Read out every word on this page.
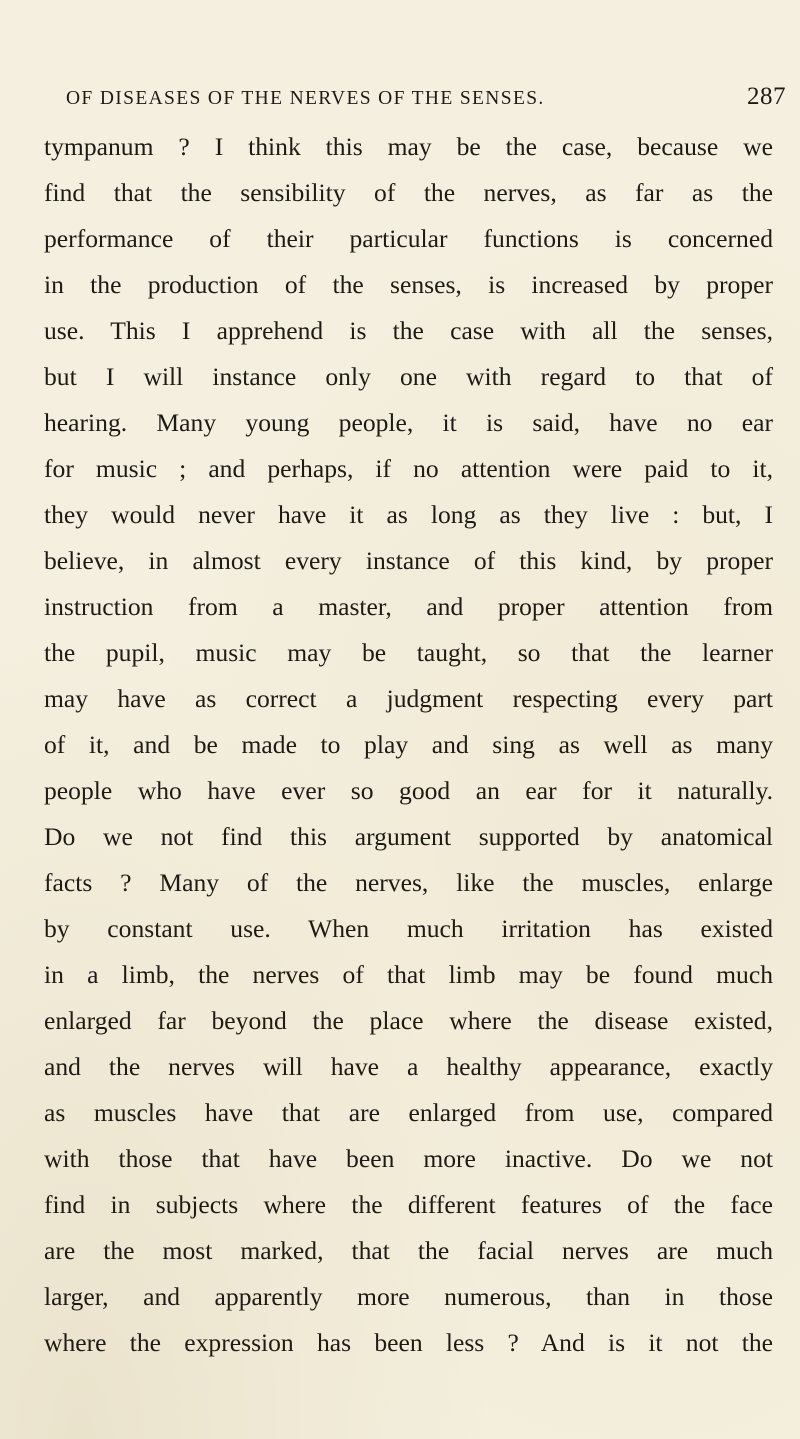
OF DISEASES OF THE NERVES OF THE SENSES.	287
tympanum ? I think this may be the case, because we
find that the sensibility of the nerves, as far as the
performance of their particular functions is concerned
in the production of the senses, is increased by proper
use. This I apprehend is the case with all the senses,
but I will instance only one with regard to that of
hearing. Many young people, it is said, have no ear
for music ; and perhaps, if no attention were paid to it,
they would never have it as long as they live : but, I
believe, in almost every instance of this kind, by proper
instruction from a master, and proper attention from
the pupil, music may be taught, so that the learner
may have as correct a judgment respecting every part
of it, and be made to play and sing as well as many
people who have ever so good an ear for it naturally.
Do we not find this argument supported by anatomical
facts ? Many of the nerves, like the muscles, enlarge
by constant use. When much irritation has existed
in a limb, the nerves of that limb may be found much
enlarged far beyond the place where the disease existed,
and the nerves will have a healthy appearance, exactly
as muscles have that are enlarged from use, compared
with those that have been more inactive. Do we not
find in subjects where the different features of the face
are the most marked, that the facial nerves are much
larger, and apparently more numerous, than in those
where the expression has been less ? And is it not the
